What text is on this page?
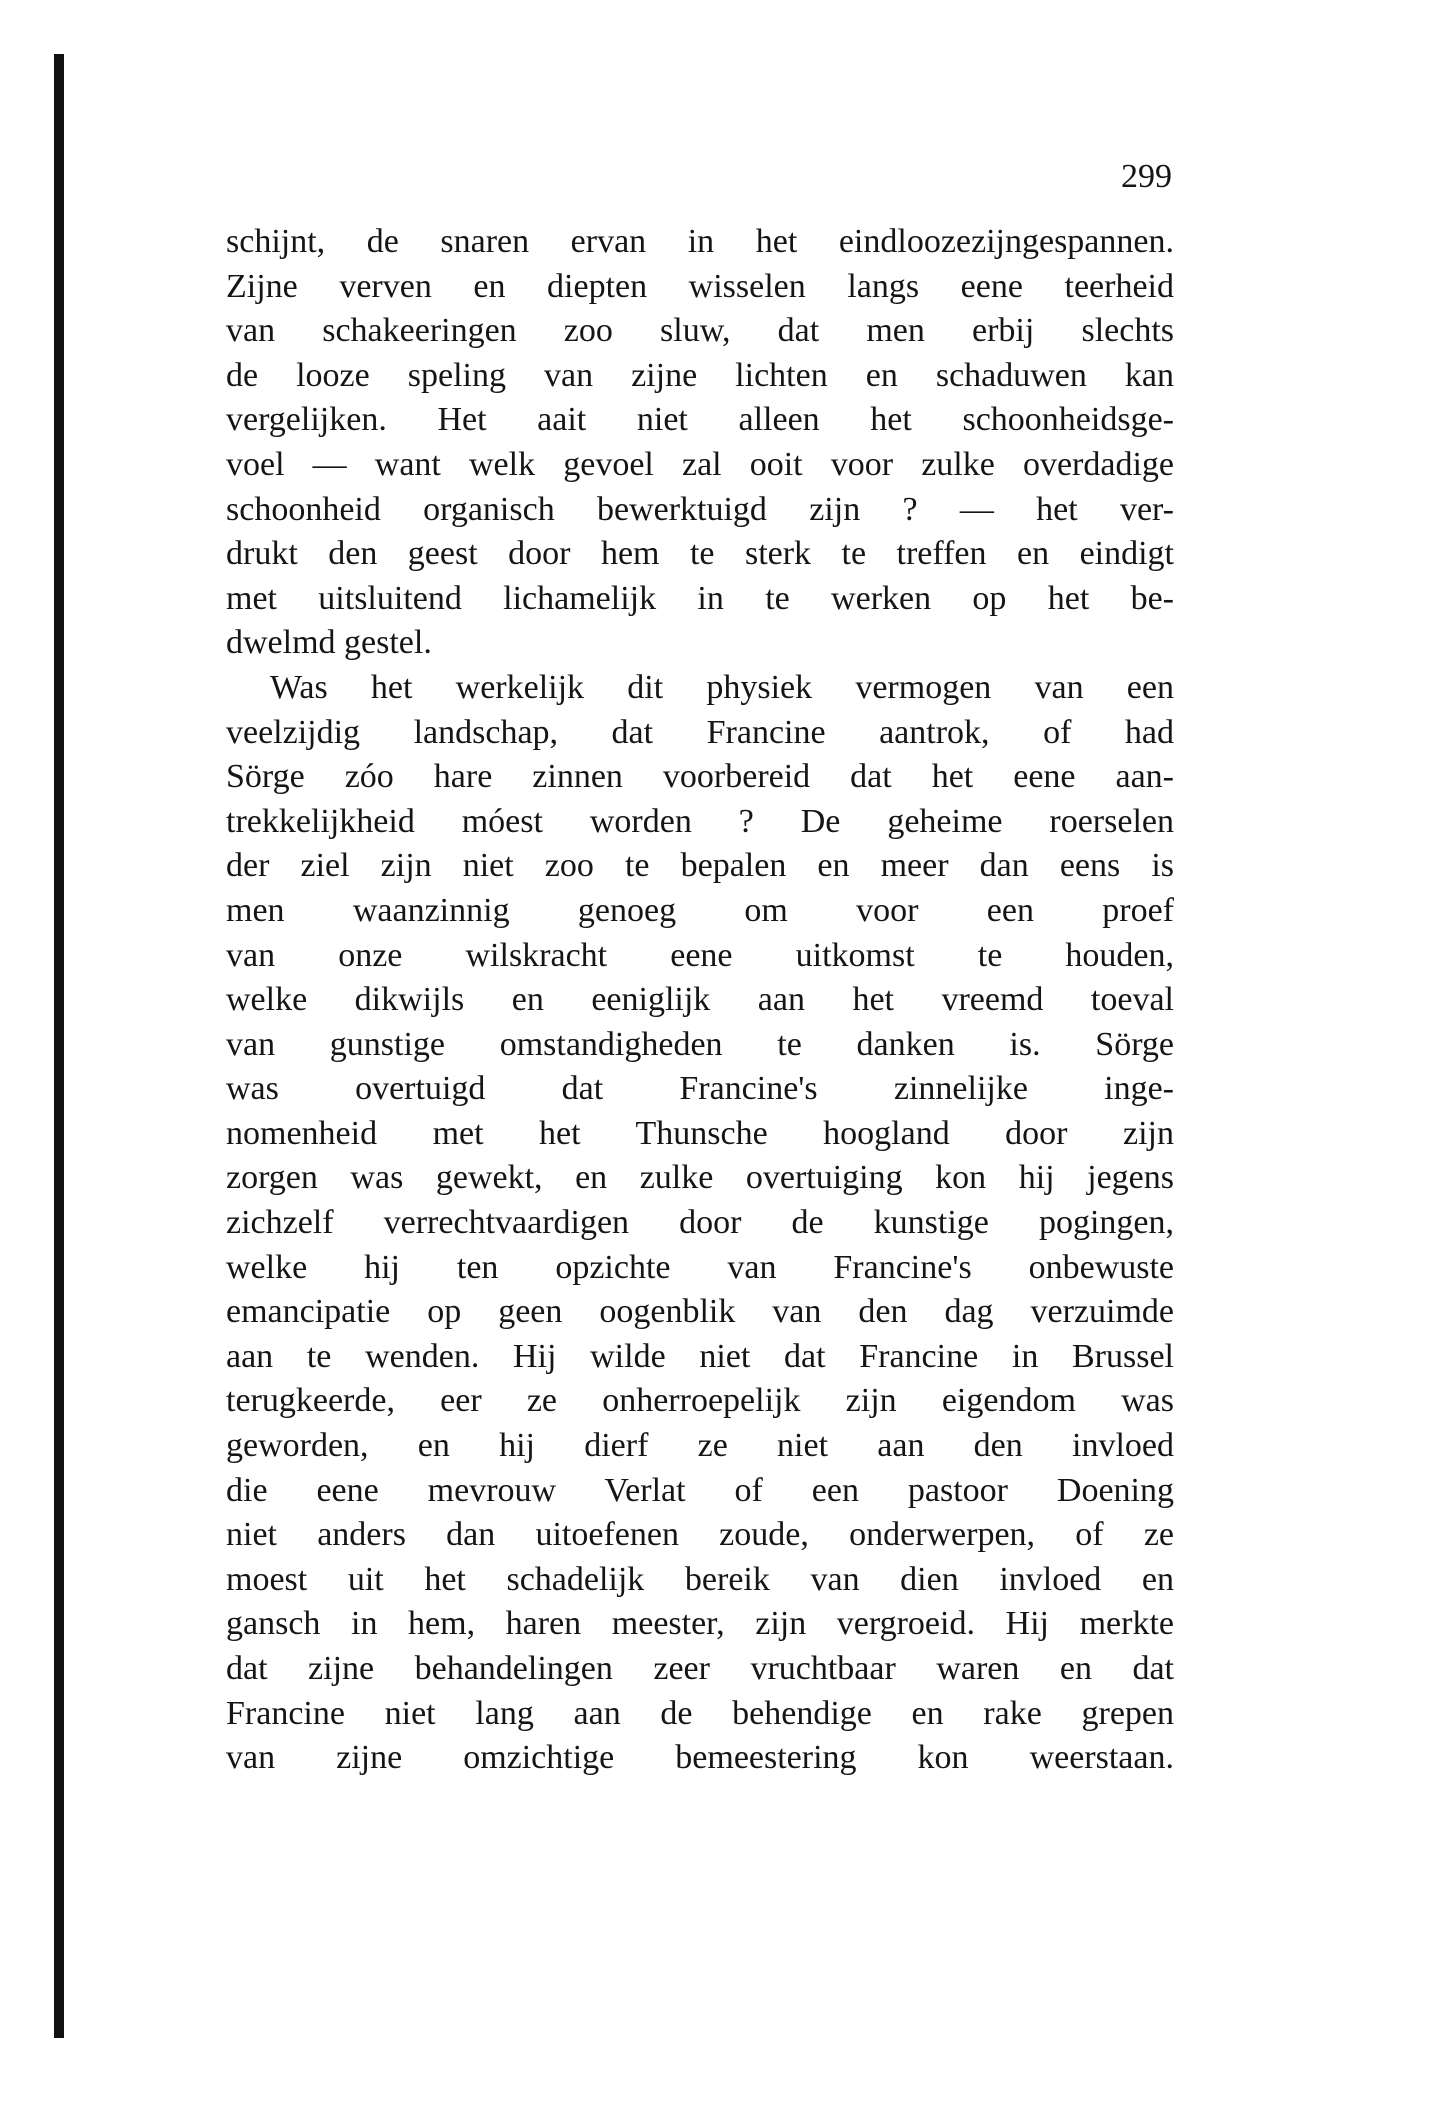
299
schijnt, de snaren ervan in het eindloozezijngespannen.
Zijne verven en diepten wisselen langs eene teerheid
van schakeeringen zoo sluw, dat men erbij slechts
de looze speling van zijne lichten en schaduwen kan
vergelijken. Het aait niet alleen het schoonheidsge-
voel — want welk gevoel zal ooit voor zulke overdadige
schoonheid organisch bewerktuigd zijn ? — het ver-
drukt den geest door hem te sterk te treffen en eindigt
met uitsluitend lichamelijk in te werken op het be-
dwelmd gestel.
Was het werkelijk dit physiek vermogen van een
veelzijdig landschap, dat Francine aantrok, of had
Sörge zóo hare zinnen voorbereid dat het eene aan-
trekkelijkheid móest worden ? De geheime roerselen
der ziel zijn niet zoo te bepalen en meer dan eens is
men waanzinnig genoeg om voor een proef
van onze wilskracht eene uitkomst te houden,
welke dikwijls en eeniglijk aan het vreemd toeval
van gunstige omstandigheden te danken is. Sörge
was overtuigd dat Francine's zinnelijke inge-
nomenheid met het Thunsche hoogland door zijn
zorgen was gewekt, en zulke overtuiging kon hij jegens
zichzelf verrechtvaardigen door de kunstige pogingen,
welke hij ten opzichte van Francine's onbewuste
emancipatie op geen oogenblik van den dag verzuimde
aan te wenden. Hij wilde niet dat Francine in Brussel
terugkeerde, eer ze onherroepelijk zijn eigendom was
geworden, en hij dierf ze niet aan den invloed
die eene mevrouw Verlat of een pastoor Doening
niet anders dan uitoefenen zoude, onderwerpen, of ze
moest uit het schadelijk bereik van dien invloed en
gansch in hem, haren meester, zijn vergroeid. Hij merkte
dat zijne behandelingen zeer vruchtbaar waren en dat
Francine niet lang aan de behendige en rake grepen
van zijne omzichtige bemeestering kon weerstaan.
